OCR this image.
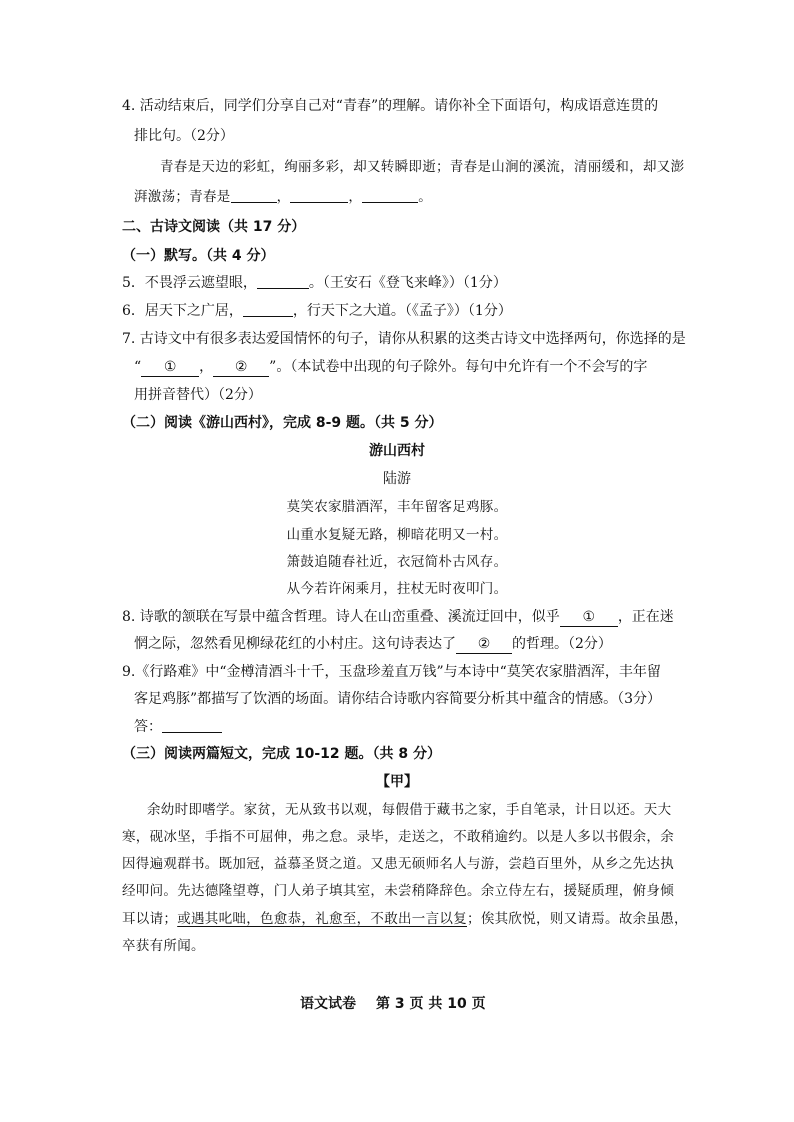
4. 活动结束后，同学们分享自己对“青春”的理解。请你补全下面语句，构成语意连贯的
排比句。（2分）
青春是天边的彩虹，绚丽多彩，却又转瞬即逝；青春是山涧的溪流，清丽缓和，却又澎
湃激荡；青春是	，	，	。
二、古诗文阅读（共 17 分）
（一）默写。（共 4 分）
5．不畏浮云遮望眼，	。（王安石《登飞来峰》）（1分）
6．居天下之广居，	，行天下之大道。（《孟子》）（1分）
7. 古诗文中有很多表达爱国情怀的句子，请你从积累的这类古诗文中选择两句，你选择的是
“ ① ， ② ”。（本试卷中出现的句子除外。每句中允许有一个不会写的字
用拼音替代）（2分）
（二）阅读《游山西村》，完成 8-9 题。（共 5 分）
游山西村
陆游
莫笑农家腊酒浑，丰年留客足鸡豚。
山重水复疑无路，柳暗花明又一村。
箫鼓追随春社近，衣冠简朴古风存。
从今若许闲乘月，拄杖无时夜叩门。
8. 诗歌的颔联在写景中蕴含哲理。诗人在山峦重叠、溪流迂回中，似乎 ① ，正在迷
惘之际，忽然看见柳绿花红的小村庄。这句诗表达了 ② 的哲理。（2分）
9.《行路难》中“金樽清酒斗十千，玉盘珍羞直万钱”与本诗中“莫笑农家腊酒浑，丰年留
客足鸡豚”都描写了饮酒的场面。请你结合诗歌内容简要分析其中蕴含的情感。（3分）
答：
（三）阅读两篇短文，完成 10-12 题。（共 8 分）
【甲】
余幼时即嗜学。家贫，无从致书以观，每假借于藏书之家，手自笔录，计日以还。天大
寒，砚冰坚，手指不可屈伸，弗之怠。录毕，走送之，不敢稍逾约。以是人多以书假余，余
因得遍观群书。既加冠，益慕圣贤之道。又患无硕师名人与游，尝趋百里外，从乡之先达执
经叩问。先达德隆望尊，门人弟子填其室，未尝稍降辞色。余立侍左右，援疑质理，俯身倾
耳以请；或遇其叱咄，色愈恭，礼愈至，不敢出一言以复；俟其欣悦，则又请焉。故余虽愚，
卒获有所闻。
语文试卷 第 3 页 共 10 页
